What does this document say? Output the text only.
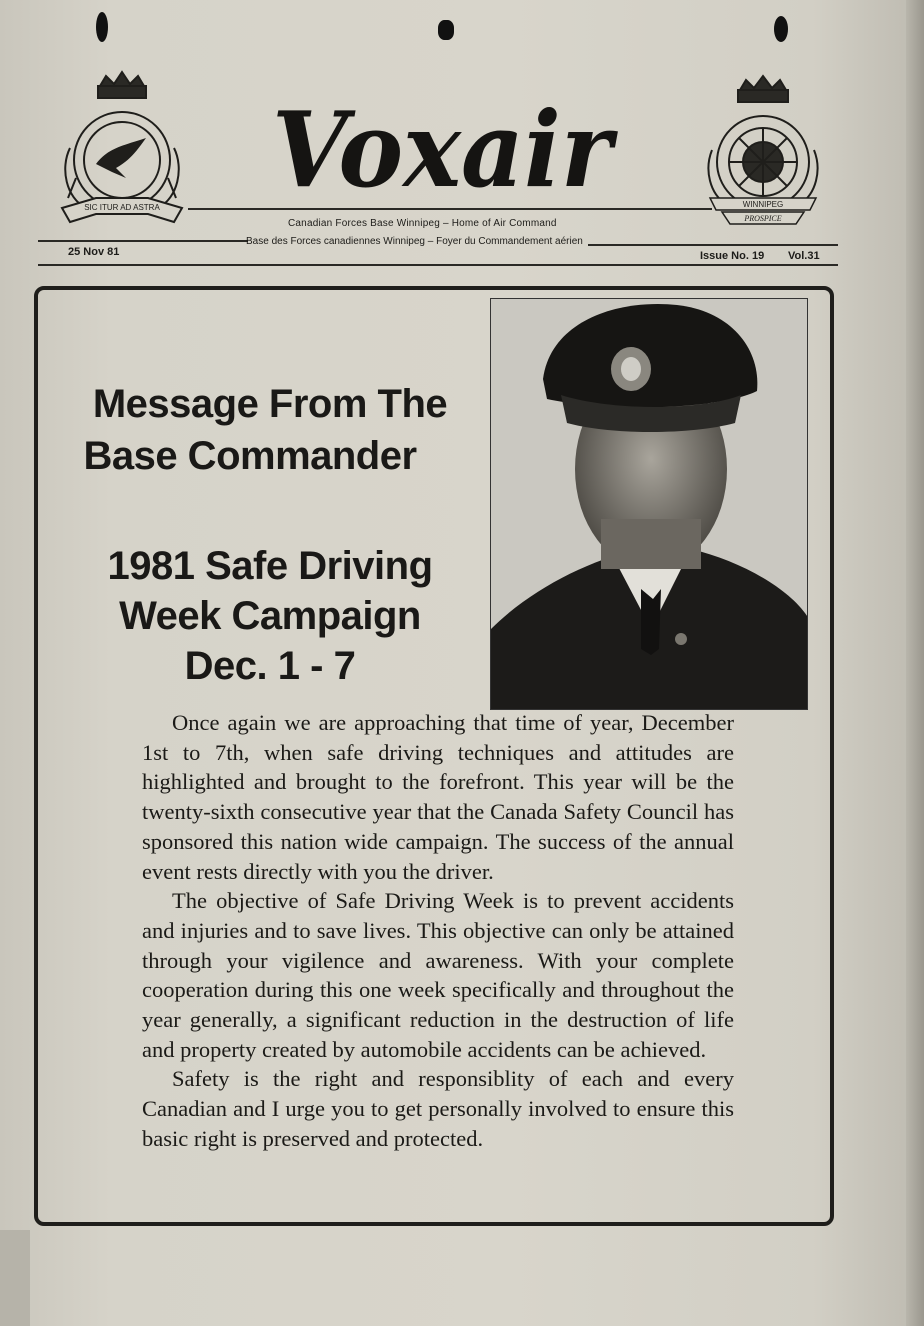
SIC ITUR AD ASTRA Voxair	WINNIPEG
PROSPICE
Canadian Forces Base Winnipeg – Home of Air Command
Base des Forces canadiennes Winnipeg – Foyer du Commandement aérien
25 Nov 81	Issue No. 19 Vol.31
Message From The
Base Commander
1981 Safe Driving
Week Campaign
Dec. 1 - 7

Once again we are approaching that time of year, December 1st to 7th, when safe driving techniques and attitudes are highlighted and brought to the forefront. This year will be the twenty-sixth consecutive year that the Canada Safety Council has sponsored this nation wide campaign. The success of the annual event rests directly with you the driver.

The objective of Safe Driving Week is to prevent accidents and injuries and to save lives. This objective can only be attained through your vigilence and awareness. With your complete cooperation during this one week specifically and throughout the year generally, a significant reduction in the destruction of life and property created by automobile accidents can be achieved.

Safety is the right and responsiblity of each and every Canadian and I urge you to get personally involved to ensure this basic right is preserved and protected.
